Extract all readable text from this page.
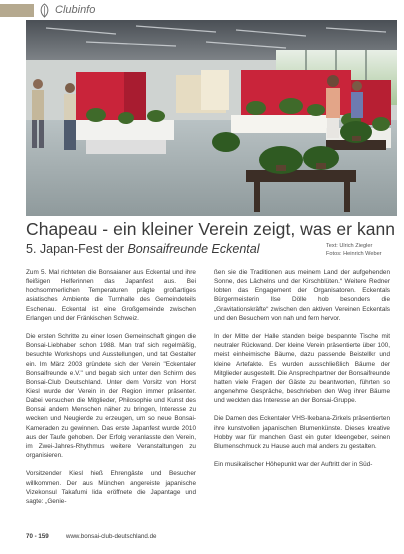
Clubinfo
Chapeau - ein kleiner Verein zeigt, was er kann
5. Japan-Fest der Bonsaifreunde Eckental	Text: Ulrich Ziegler
Fotos: Heinrich Weber

Zum 5. Mal richteten die Bonsaianer aus Eckental und ihre fleißigen Helferinnen das Japanfest aus. Bei hochsommerlichen Temperaturen prägte großartiges asiatisches Ambiente die Turnhalle des Gemeindeteils Eschenau. Eckental ist eine Großgemeinde zwischen Erlangen und der Fränkischen Schweiz.

Die ersten Schritte zu einer losen Gemeinschaft gingen die Bonsai-Liebhaber schon 1988. Man traf sich regelmäßig, besuchte Workshops und Ausstellungen, und tat Gestalter ein. Im März 2003 gründete sich der Verein "Eckentaler Bonsaifreunde e.V." und begab sich unter den Schirm des Bonsai-Club Deutschland. Unter dem Vorsitz von Horst Kiesl wurde der Verein in der Region immer präsenter. Dabei versuchen die Mitglieder, Philosophie und Kunst des Bonsai andern Menschen näher zu bringen, Interesse zu wecken und Neugierde zu erzeugen, um so neue Bonsai-Kameraden zu gewinnen. Das erste Japanfest wurde 2010 aus der Taufe gehoben. Der Erfolg veranlasste den Verein, im Zwei-Jahres-Rhythmus weitere Veranstaltungen zu organisieren.

Vorsitzender Kiesl hieß Ehrengäste und Besucher willkommen. Der aus München angereiste japanische Vizekonsul Takafumi lida eröffnete die Japantage und sagte: „Genie-

ßen sie die Traditionen aus meinem Land der aufgehenden Sonne, des Lächelns und der Kirschblüten.“ Weitere Redner lobten das Engagement der Organisatoren. Eckentals Bürgermeisterin Ilse Dölle hob besonders die „Gravitationskräfte“ zwischen den aktiven Vereinen Eckentals und den Besuchern von nah und fern hervor.

In der Mitte der Halle standen beige bespannte Tische mit neutraler Rückwand. Der kleine Verein präsentierte über 100, meist einheimische Bäume, dazu passende Beistellkr und kleine Artefakte. Es wurden ausschließlich Bäume der Mitglieder ausgestellt. Die Ansprechpartner der Bonsaifreunde hatten viele Fragen der Gäste zu beantworten, führten so angenehme Gespräche, beschrieben den Weg ihrer Bäume und weckten das Interesse an der Bonsai-Gruppe.

Die Damen des Eckentaler VHS-Ikebana-Zirkels präsentierten ihre kunstvollen japanischen Blumenkünste. Dieses kreative Hobby war für manchen Gast ein guter Ideengeber, seinen Blumenschmuck zu Hause auch mal anders zu gestalten.

Ein musikalischer Höhepunkt war der Auftritt der in Süd-

70 - 159	www.bonsai-club-deutschland.de
